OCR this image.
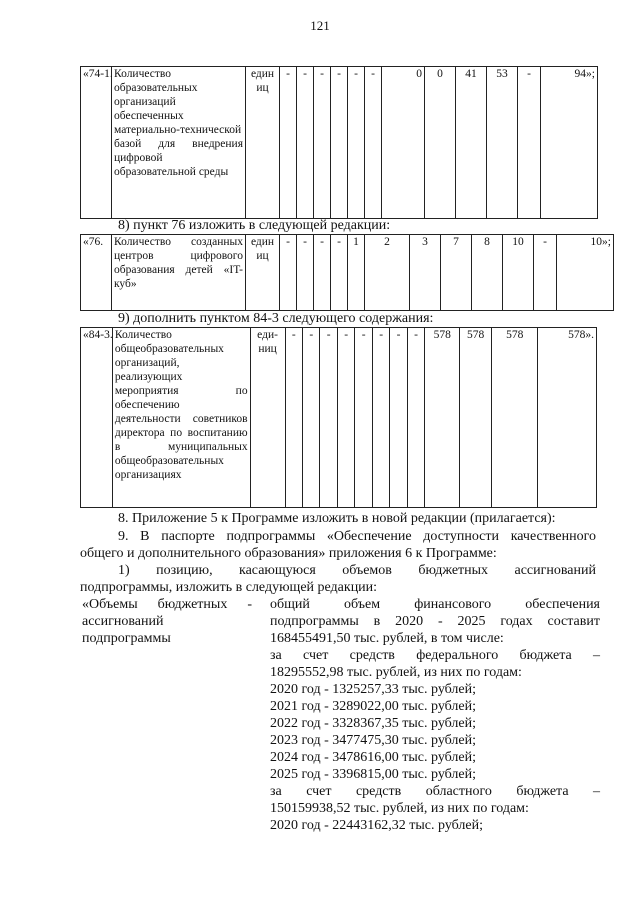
121
«74-1.	Количество образовательных организаций обеспеченных материально-технической базой для внедрения цифровой образовательной среды	един иц	-	-	-	-	-	-	0	0	41	53	-	94»;
8) пункт 76 изложить в следующей редакции:
«76.	Количество созданных центров цифрового образования детей «IT-куб»	един иц	-	-	-	-	1	2	3	7	8	10	-	10»;
9) дополнить пунктом 84-3 следующего содержания:
«84-3.	Количество общеобразовательных организаций, реализующих мероприятия по обеспечению деятельности советников директора по воспитанию в муниципальных общеобразовательных организациях	еди-ниц	-	-	-	-	-	-	-	-	578	578	578	578».
8. Приложение 5 к Программе изложить в новой редакции (прилагается):
9. В паспорте подпрограммы «Обеспечение доступности качественного
общего и дополнительного образования» приложения 6 к Программе:
1) позицию, касающуюся объемов бюджетных ассигнований
подпрограммы, изложить в следующей редакции:
«Объемы бюджетных -
ассигнований
подпрограммы
общий объем финансового обеспечения
подпрограммы в 2020 - 2025 годах составит
168455491,50 тыс. рублей, в том числе:
за счет средств федерального бюджета –
18295552,98 тыс. рублей, из них по годам:
2020 год - 1325257,33 тыс. рублей;
2021 год - 3289022,00 тыс. рублей;
2022 год - 3328367,35 тыс. рублей;
2023 год - 3477475,30 тыс. рублей;
2024 год - 3478616,00 тыс. рублей;
2025 год - 3396815,00 тыс. рублей;
за счет средств областного бюджета –
150159938,52 тыс. рублей, из них по годам:
2020 год - 22443162,32 тыс. рублей;
